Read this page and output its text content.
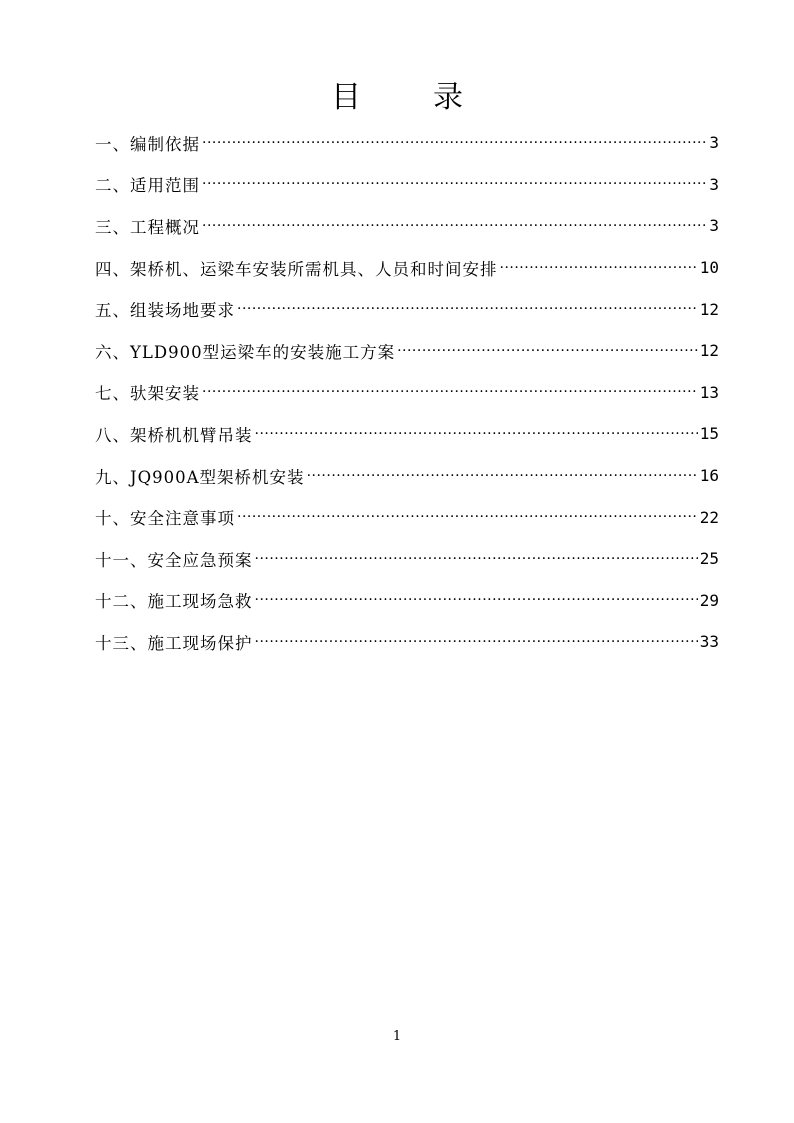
目 录
一、编制依据 ·····	3
二、适用范围 ·····	3
三、工程概况 ·····	3
四、架桥机、运梁车安装所需机具、人员和时间安排 ·····	10
五、组装场地要求 ·····	12
六、YLD900型运梁车的安装施工方案 ·····	12
七、驮架安装 ·····	13
八、架桥机机臂吊装 ·····	15
九、JQ900A型架桥机安装 ·····	16
十、安全注意事项 ·····	22
十一、安全应急预案 ·····	25
十二、施工现场急救 ·····	29
十三、施工现场保护 ·····	33
1
